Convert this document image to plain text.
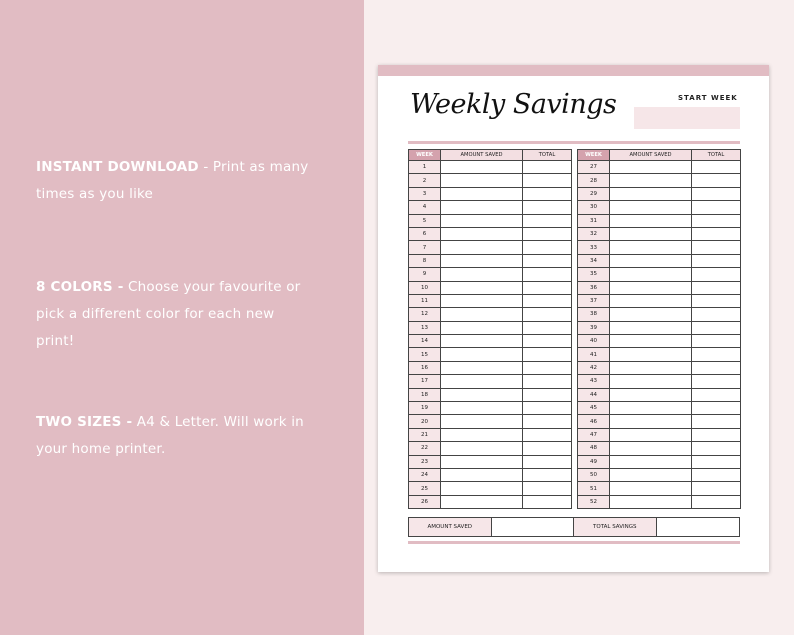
INSTANT DOWNLOAD - Print as many times as you like
8 COLORS - Choose your favourite or pick a different color for each new print!
TWO SIZES - A4 & Letter. Will work in your home printer.
Weekly Savings	START WEEK
WEEK	AMOUNT SAVED	TOTAL
1		
2		
3		
4		
5		
6		
7		
8		
9		
10		
11		
12		
13		
14		
15		
16		
17		
18		
19		
20		
21		
22		
23		
24		
25		
26		
WEEK	AMOUNT SAVED	TOTAL
27		
28		
29		
30		
31		
32		
33		
34		
35		
36		
37		
38		
39		
40		
41		
42		
43		
44		
45		
46		
47		
48		
49		
50		
51		
52		
AMOUNT SAVED	TOTAL SAVINGS
